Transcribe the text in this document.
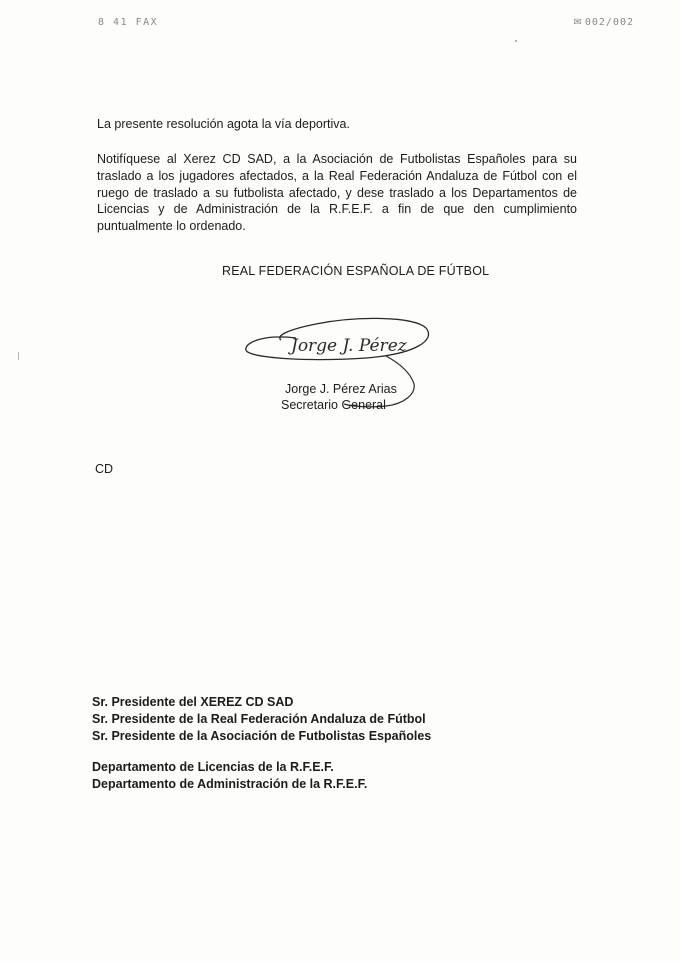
8 41 FAX	✉ 002/002

La presente resolución agota la vía deportiva.

Notifíquese al Xerez CD SAD, a la Asociación de Futbolistas Españoles para su traslado a los jugadores afectados, a la Real Federación Andaluza de Fútbol con el ruego de traslado a su futbolista afectado, y dese traslado a los Departamentos de Licencias y de Administración de la R.F.E.F. a fin de que den cumplimiento puntualmente lo ordenado.

REAL FEDERACIÓN ESPAÑOLA DE FÚTBOL
Jorge J. Pérez
Jorge J. Pérez Arias
Secretario General
CD
Sr. Presidente del XEREZ CD SAD
Sr. Presidente de la Real Federación Andaluza de Fútbol
Sr. Presidente de la Asociación de Futbolistas Españoles
Departamento de Licencias de la R.F.E.F.
Departamento de Administración de la R.F.E.F.
